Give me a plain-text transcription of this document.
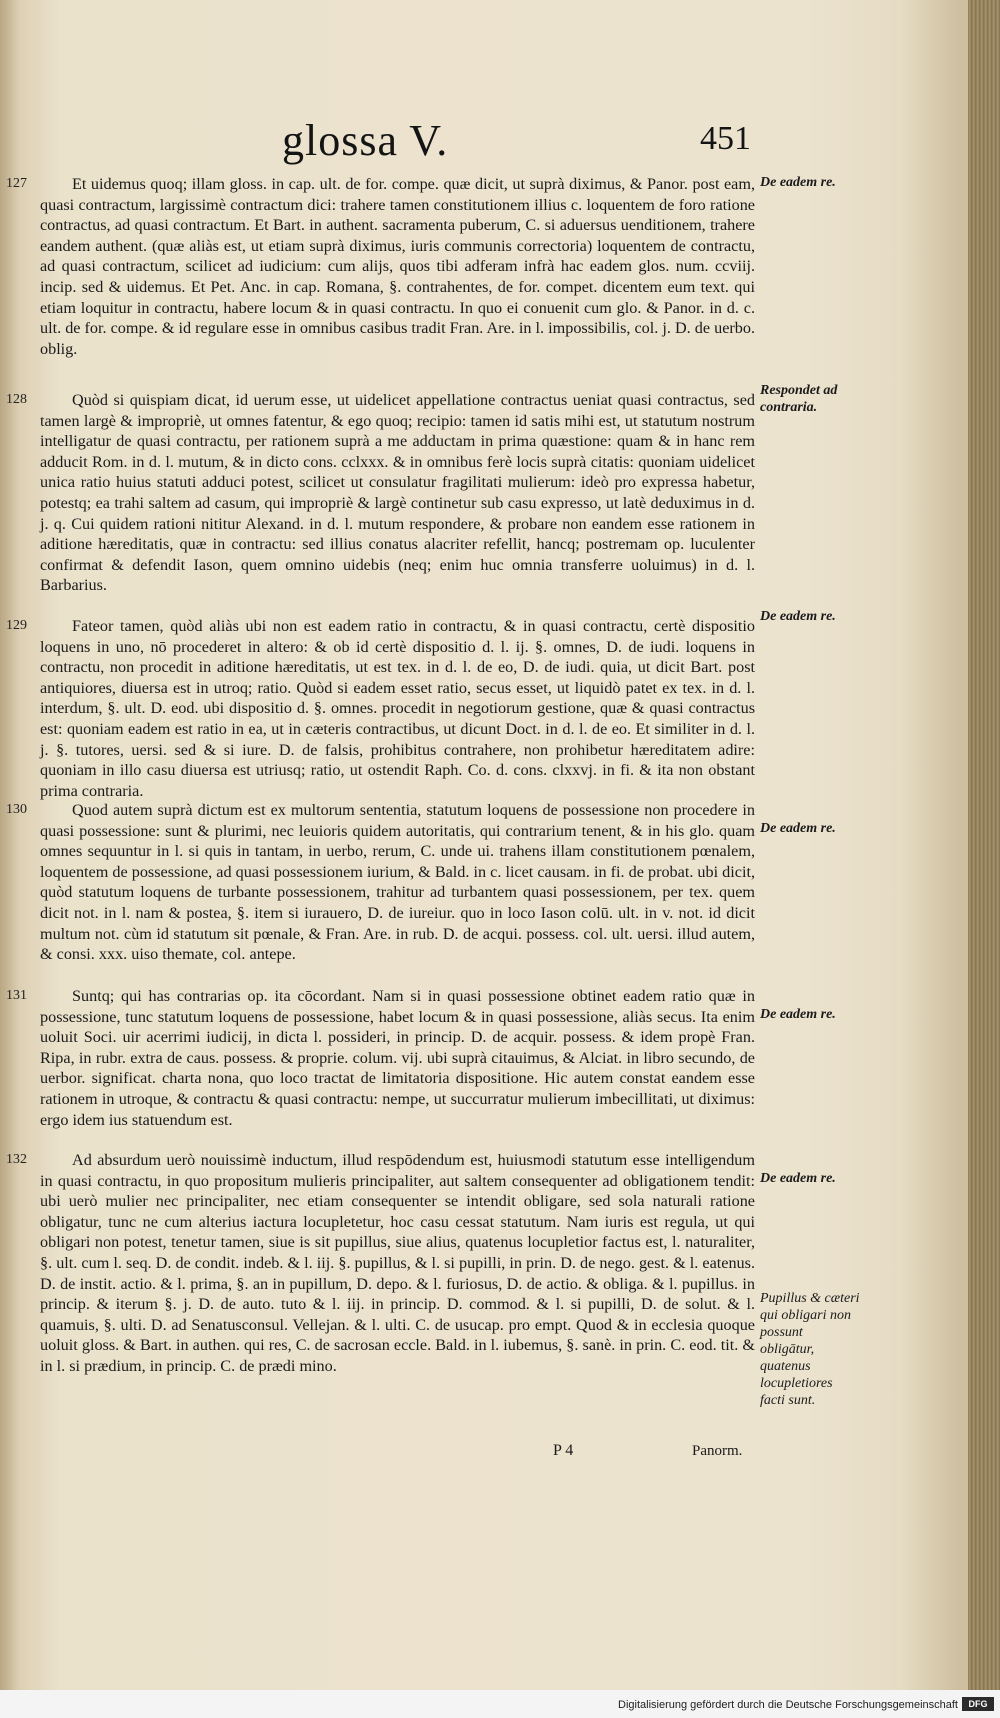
glossa V.	451
127	Et uidemus quoq; illam gloss. in cap. ult. de for. compe. quæ dicit, ut suprà diximus, & Panor. post eam, quasi contractum, largissimè contractum dici: trahere tamen constitutionem illius c. loquentem de foro ratione contractus, ad quasi contractum. Et Bart. in authent. sacramenta puberum, C. si aduersus uenditionem, trahere eandem authent. (quæ aliàs est, ut etiam suprà diximus, iuris communis correctoria) loquentem de contractu, ad quasi contractum, scilicet ad iudicium: cum alijs, quos tibi adferam infrà hac eadem glos. num. ccviij. incip. sed & uidemus. Et Pet. Anc. in cap. Romana, §. contrahentes, de for. compet. dicentem eum text. qui etiam loquitur in contractu, habere locum & in quasi contractu. In quo ei conuenit cum glo. & Panor. in d. c. ult. de for. compe. & id regulare esse in omnibus casibus tradit Fran. Are. in l. impossibilis, col. j. D. de uerbo. oblig.

128	Quòd si quispiam dicat, id uerum esse, ut uidelicet appellatione contractus ueniat quasi contractus, sed tamen largè & impropriè, ut omnes fatentur, & ego quoq; recipio: tamen id satis mihi est, ut statutum nostrum intelligatur de quasi contractu, per rationem suprà a me adductam in prima quæstione: quam & in hanc rem adducit Rom. in d. l. mutum, & in dicto cons. cclxxx. & in omnibus ferè locis suprà citatis: quoniam uidelicet unica ratio huius statuti adduci potest, scilicet ut consulatur fragilitati mulierum: ideò pro expressa habetur, potestq; ea trahi saltem ad casum, qui impropriè & largè continetur sub casu expresso, ut latè deduximus in d. j. q. Cui quidem rationi nititur Alexand. in d. l. mutum respondere, & probare non eandem esse rationem in aditione hæreditatis, quæ in contractu: sed illius conatus alacriter refellit, hancq; postremam op. luculenter confirmat & defendit Iason, quem omnino uidebis (neq; enim huc omnia transferre uoluimus) in d. l. Barbarius.

129	Fateor tamen, quòd aliàs ubi non est eadem ratio in contractu, & in quasi contractu, certè dispositio loquens in uno, nō procederet in altero: & ob id certè dispositio d. l. ij. §. omnes, D. de iudi. loquens in contractu, non procedit in aditione hæreditatis, ut est tex. in d. l. de eo, D. de iudi. quia, ut dicit Bart. post antiquiores, diuersa est in utroq; ratio. Quòd si eadem esset ratio, secus esset, ut liquidò patet ex tex. in d. l. interdum, §. ult. D. eod. ubi dispositio d. §. omnes. procedit in negotiorum gestione, quæ & quasi contractus est: quoniam eadem est ratio in ea, ut in cæteris contractibus, ut dicunt Doct. in d. l. de eo. Et similiter in d. l. j. §. tutores, uersi. sed & si iure. D. de falsis, prohibitus contrahere, non prohibetur hæreditatem adire: quoniam in illo casu diuersa est utriusq; ratio, ut ostendit Raph. Co. d. cons. clxxvj. in fi. & ita non obstant prima contraria.

130	Quod autem suprà dictum est ex multorum sententia, statutum loquens de possessione non procedere in quasi possessione: sunt & plurimi, nec leuioris quidem autoritatis, qui contrarium tenent, & in his glo. quam omnes sequuntur in l. si quis in tantam, in uerbo, rerum, C. unde ui. trahens illam constitutionem pœnalem, loquentem de possessione, ad quasi possessionem iurium, & Bald. in c. licet causam. in fi. de probat. ubi dicit, quòd statutum loquens de turbante possessionem, trahitur ad turbantem quasi possessionem, per tex. quem dicit not. in l. nam & postea, §. item si iurauero, D. de iureiur. quo in loco Iason colū. ult. in v. not. id dicit multum not. cùm id statutum sit pœnale, & Fran. Are. in rub. D. de acqui. possess. col. ult. uersi. illud autem, & consi. xxx. uiso themate, col. antepe.

131	Suntq; qui has contrarias op. ita cōcordant. Nam si in quasi possessione obtinet eadem ratio quæ in possessione, tunc statutum loquens de possessione, habet locum & in quasi possessione, aliàs secus. Ita enim uoluit Soci. uir acerrimi iudicij, in dicta l. possideri, in princip. D. de acquir. possess. & idem propè Fran. Ripa, in rubr. extra de caus. possess. & proprie. colum. vij. ubi suprà citauimus, & Alciat. in libro secundo, de uerbor. significat. charta nona, quo loco tractat de limitatoria dispositione. Hic autem constat eandem esse rationem in utroque, & contractu & quasi contractu: nempe, ut succurratur mulierum imbecillitati, ut diximus: ergo idem ius statuendum est.

132	Ad absurdum uerò nouissimè inductum, illud respōdendum est, huiusmodi statutum esse intelligendum in quasi contractu, in quo propositum mulieris principaliter, aut saltem consequenter ad obligationem tendit: ubi uerò mulier nec principaliter, nec etiam consequenter se intendit obligare, sed sola naturali ratione obligatur, tunc ne cum alterius iactura locupletetur, hoc casu cessat statutum. Nam iuris est regula, ut qui obligari non potest, tenetur tamen, siue is sit pupillus, siue alius, quatenus locupletior factus est, l. naturaliter, §. ult. cum l. seq. D. de condit. indeb. & l. iij. §. pupillus, & l. si pupilli, in prin. D. de nego. gest. & l. eatenus. D. de instit. actio. & l. prima, §. an in pupillum, D. depo. & l. furiosus, D. de actio. & obliga. & l. pupillus. in princip. & iterum §. j. D. de auto. tuto & l. iij. in princip. D. commod. & l. si pupilli, D. de solut. & l. quamuis, §. ulti. D. ad Senatusconsul. Vellejan. & l. ulti. C. de usucap. pro empt. Quod & in ecclesia quoque uoluit gloss. & Bart. in authen. qui res, C. de sacrosan eccle. Bald. in l. iubemus, §. sanè. in prin. C. eod. tit. & in l. si prædium, in princip. C. de prædi mino.

De eadem re.
Respondet ad contraria.
De eadem re.
De eadem re.
De eadem re.
De eadem re.
Pupillus & cæteri qui obligari non possunt obligātur, quatenus locupletiores facti sunt.
P 4	Panorm.
Digitalisierung gefördert durch die Deutsche Forschungsgemeinschaft	DFG
